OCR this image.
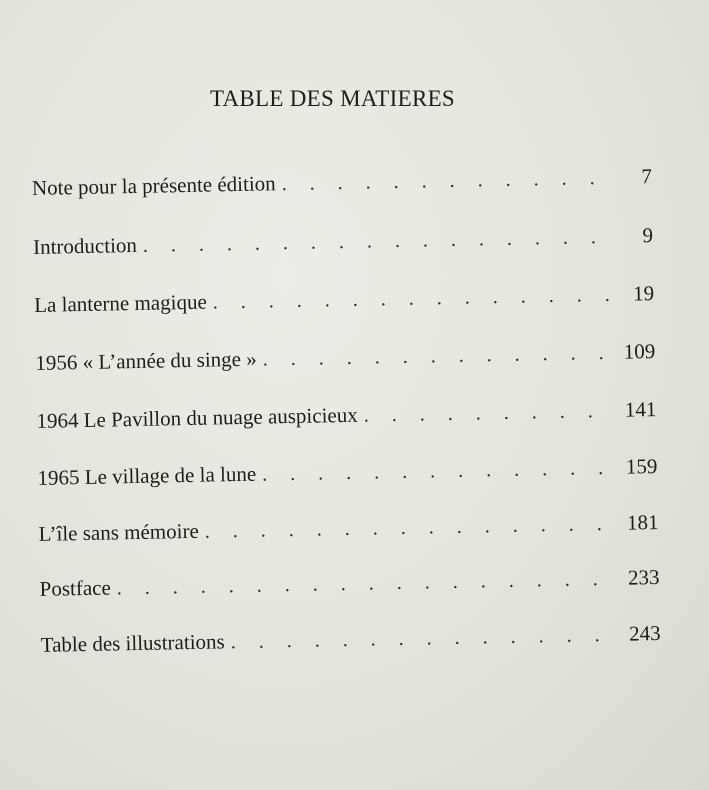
TABLE DES MATIERES
Note pour la présente édition . . .	7
Introduction . . .	9
La lanterne magique . . .	19
1956 « L’année du singe » . . .	109
1964 Le Pavillon du nuage auspicieux . . .	141
1965 Le village de la lune . . .	159
L’île sans mémoire . . .	181
Postface . . .	233
Table des illustrations . . .	243
